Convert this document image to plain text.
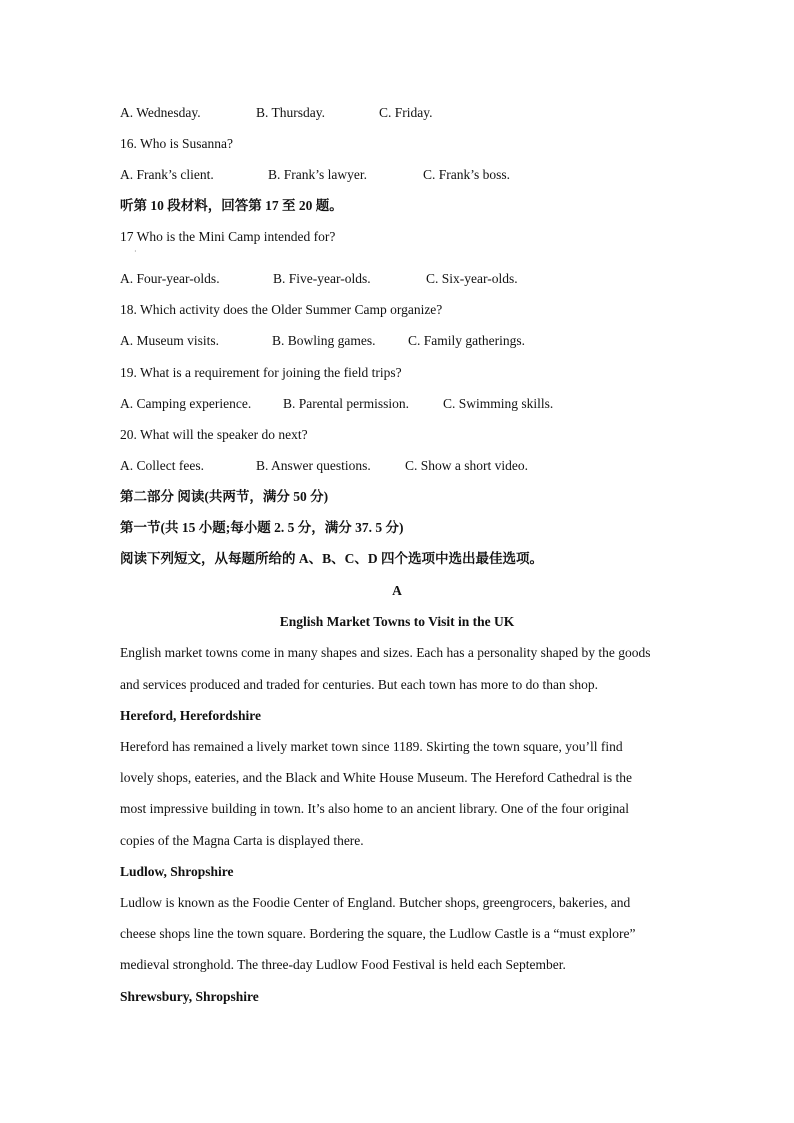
A. Wednesday.	B. Thursday.	C. Friday.
16. Who is Susanna?
A. Frank’s client.	B. Frank’s lawyer.	C. Frank’s boss.
听第 10 段材料，回答第 17 至 20 题。
17 Who is the Mini Camp intended for?
·
A. Four-year-olds.	B. Five-year-olds.	C. Six-year-olds.
18. Which activity does the Older Summer Camp organize?
A. Museum visits.	B. Bowling games. C. Family gatherings.
19. What is a requirement for joining the field trips?
A. Camping experience. B. Parental permission.	C. Swimming skills.
20. What will the speaker do next?
A. Collect fees.	B. Answer questions.	C. Show a short video.
第二部分 阅读(共两节，满分 50 分)
第一节(共 15 小题;每小题 2. 5 分，满分 37. 5 分)
阅读下列短文，从每题所给的 A、B、C、D 四个选项中选出最佳选项。
A
English Market Towns to Visit in the UK
English market towns come in many shapes and sizes. Each has a personality shaped by the goods
and services produced and traded for centuries. But each town has more to do than shop.
Hereford, Herefordshire
Hereford has remained a lively market town since 1189. Skirting the town square, you’ll find
lovely shops, eateries, and the Black and White House Museum. The Hereford Cathedral is the
most impressive building in town. It’s also home to an ancient library. One of the four original
copies of the Magna Carta is displayed there.
Ludlow, Shropshire
Ludlow is known as the Foodie Center of England. Butcher shops, greengrocers, bakeries, and
cheese shops line the town square. Bordering the square, the Ludlow Castle is a “must explore”
medieval stronghold. The three-day Ludlow Food Festival is held each September.
Shrewsbury, Shropshire
